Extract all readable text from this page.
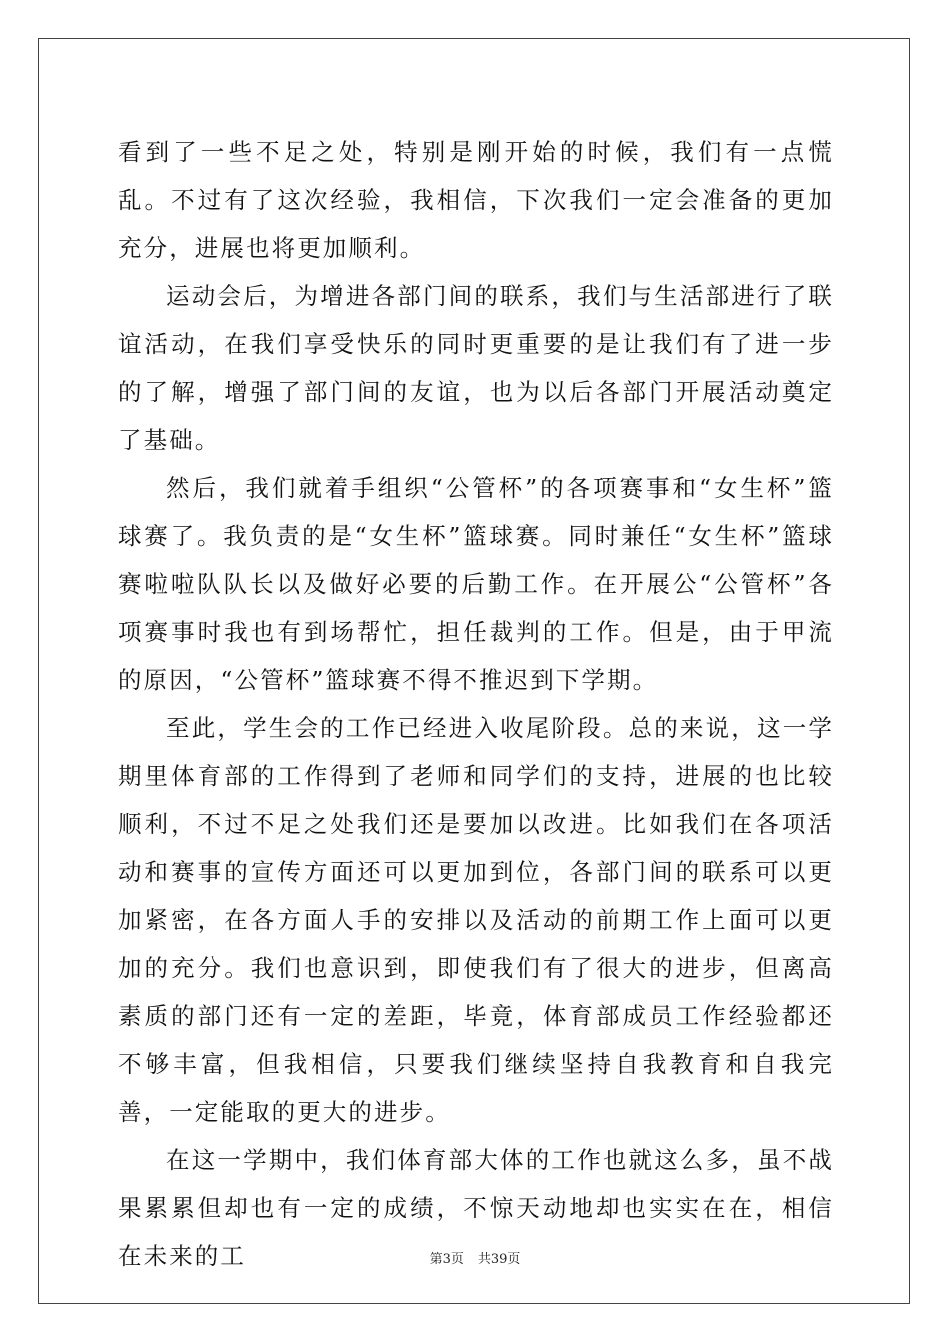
看到了一些不足之处，特别是刚开始的时候，我们有一点慌乱。不过有了这次经验，我相信，下次我们一定会准备的更加充分，进展也将更加顺利。

运动会后，为增进各部门间的联系，我们与生活部进行了联谊活动，在我们享受快乐的同时更重要的是让我们有了进一步的了解，增强了部门间的友谊，也为以后各部门开展活动奠定了基础。

然后，我们就着手组织“公管杯”的各项赛事和“女生杯”篮球赛了。我负责的是“女生杯”篮球赛。同时兼任“女生杯”篮球赛啦啦队队长以及做好必要的后勤工作。在开展公“公管杯”各项赛事时我也有到场帮忙，担任裁判的工作。但是，由于甲流的原因，“公管杯”篮球赛不得不推迟到下学期。

至此，学生会的工作已经进入收尾阶段。总的来说，这一学期里体育部的工作得到了老师和同学们的支持，进展的也比较顺利，不过不足之处我们还是要加以改进。比如我们在各项活动和赛事的宣传方面还可以更加到位，各部门间的联系可以更加紧密，在各方面人手的安排以及活动的前期工作上面可以更加的充分。我们也意识到，即使我们有了很大的进步，但离高素质的部门还有一定的差距，毕竟，体育部成员工作经验都还不够丰富，但我相信，只要我们继续坚持自我教育和自我完善，一定能取的更大的进步。

在这一学期中，我们体育部大体的工作也就这么多，虽不战果累累但却也有一定的成绩，不惊天动地却也实实在在，相信在未来的工	第3页 共39页
